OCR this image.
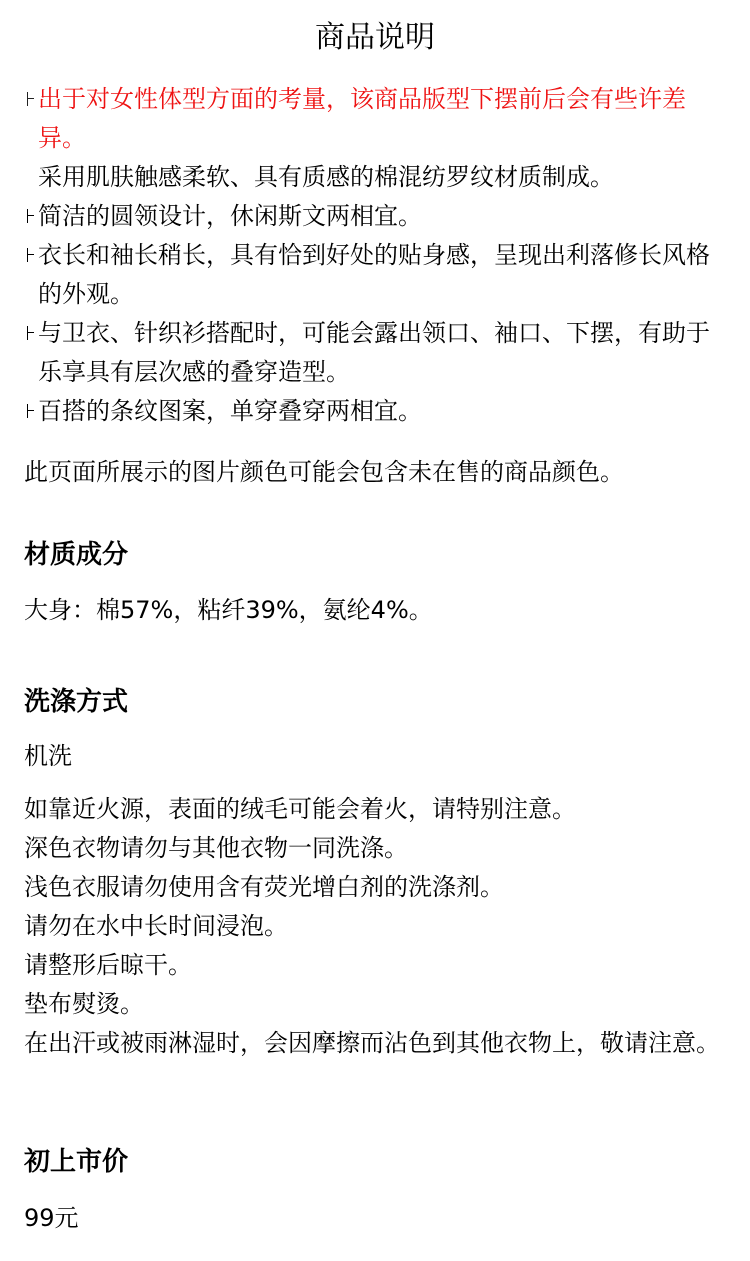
商品说明
出于对女性体型方面的考量，该商品版型下摆前后会有些许差异。
采用肌肤触感柔软、具有质感的棉混纺罗纹材质制成。
简洁的圆领设计，休闲斯文两相宜。
衣长和袖长稍长，具有恰到好处的贴身感，呈现出利落修长风格的外观。
与卫衣、针织衫搭配时，可能会露出领口、袖口、下摆，有助于乐享具有层次感的叠穿造型。
百搭的条纹图案，单穿叠穿两相宜。
此页面所展示的图片颜色可能会包含未在售的商品颜色。
材质成分
大身：棉57%，粘纤39%，氨纶4%。
洗涤方式
机洗
如靠近火源，表面的绒毛可能会着火，请特别注意。
深色衣物请勿与其他衣物一同洗涤。
浅色衣服请勿使用含有荧光增白剂的洗涤剂。
请勿在水中长时间浸泡。
请整形后晾干。
垫布熨烫。
在出汗或被雨淋湿时，会因摩擦而沾色到其他衣物上，敬请注意。
初上市价
99元
